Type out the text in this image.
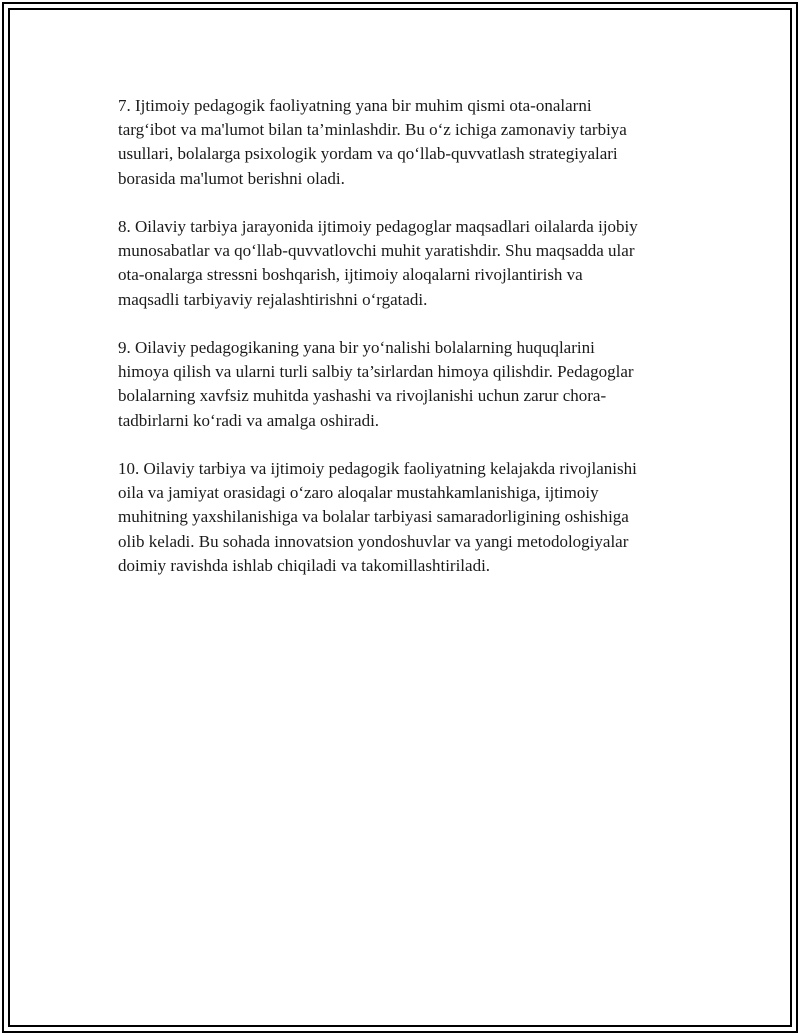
7. Ijtimoiy pedagogik faoliyatning yana bir muhim qismi ota-onalarni
targ‘ibot va ma'lumot bilan ta’minlashdir. Bu o‘z ichiga zamonaviy tarbiya
usullari, bolalarga psixologik yordam va qo‘llab-quvvatlash strategiyalari
borasida ma'lumot berishni oladi.

8. Oilaviy tarbiya jarayonida ijtimoiy pedagoglar maqsadlari oilalarda ijobiy
munosabatlar va qo‘llab-quvvatlovchi muhit yaratishdir. Shu maqsadda ular
ota-onalarga stressni boshqarish, ijtimoiy aloqalarni rivojlantirish va
maqsadli tarbiyaviy rejalashtirishni o‘rgatadi.

9. Oilaviy pedagogikaning yana bir yo‘nalishi bolalarning huquqlarini
himoya qilish va ularni turli salbiy ta’sirlardan himoya qilishdir. Pedagoglar
bolalarning xavfsiz muhitda yashashi va rivojlanishi uchun zarur chora-
tadbirlarni ko‘radi va amalga oshiradi.

10. Oilaviy tarbiya va ijtimoiy pedagogik faoliyatning kelajakda rivojlanishi
oila va jamiyat orasidagi o‘zaro aloqalar mustahkamlanishiga, ijtimoiy
muhitning yaxshilanishiga va bolalar tarbiyasi samaradorligining oshishiga
olib keladi. Bu sohada innovatsion yondoshuvlar va yangi metodologiyalar
doimiy ravishda ishlab chiqiladi va takomillashtiriladi.
